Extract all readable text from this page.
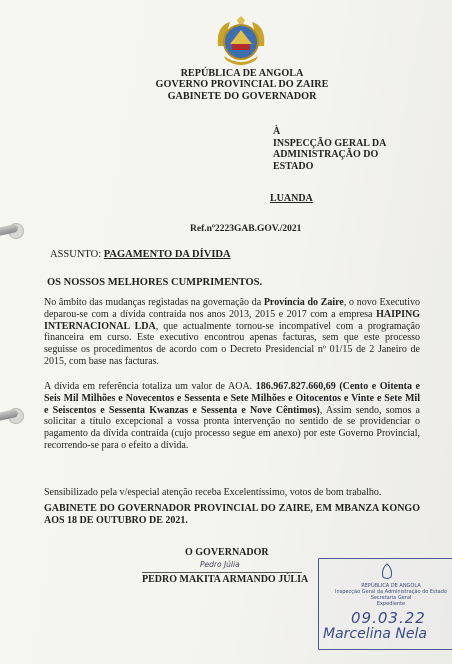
REPÚBLICA DE ANGOLA
GOVERNO PROVINCIAL DO ZAIRE
GABINETE DO GOVERNADOR
À
INSPECÇÃO GERAL DA
ADMINISTRAÇÃO DO
ESTADO
LUANDA
Ref.nº2223GAB.GOV./2021
ASSUNTO: PAGAMENTO DA DÍVIDA
OS NOSSOS MELHORES CUMPRIMENTOS.
No âmbito das mudanças registadas na governação da Província do Zaire, o novo Executivo deparou-se com a dívida contraída nos anos 2013, 2015 e 2017 com a empresa HAIPING INTERNACIONAL LDA, que actualmente tornou-se incompatível com a programação financeira em curso. Este executivo encontrou apenas facturas, sem que este processo seguisse os procedimentos de acordo com o Decreto Presidencial nº 01/15 de 2 Janeiro de 2015, com base nas facturas.
A dívida em referência totaliza um valor de AOA. 186.967.827.660,69 (Cento e Oitenta e Seis Mil Milhões e Novecentos e Sessenta e Sete Milhões e Oitocentos e Vinte e Sete Mil e Seiscentos e Sessenta Kwanzas e Sessenta e Nove Cêntimos), Assim sendo, somos a solicitar a título excepcional a vossa pronta intervenção no sentido de se providenciar o pagamento da dívida contraída (cujo processo segue em anexo) por este Governo Provincial, recorrendo-se para o efeito a dívida.
Sensibilizado pela v/especial atenção receba Excelentíssimo, votos de bom trabalho.
GABINETE DO GOVERNADOR PROVINCIAL DO ZAIRE, EM MBANZA KONGO AOS 18 DE OUTUBRO DE 2021.
O GOVERNADOR
Pedro Júlia
PEDRO MAKITA ARMANDO JÚLIA
REPÚBLICA DE ANGOLA
Inspecção Geral da Administração do Estado
Secretaria Geral
Expediente
09.03.22
Marcelina Nela
